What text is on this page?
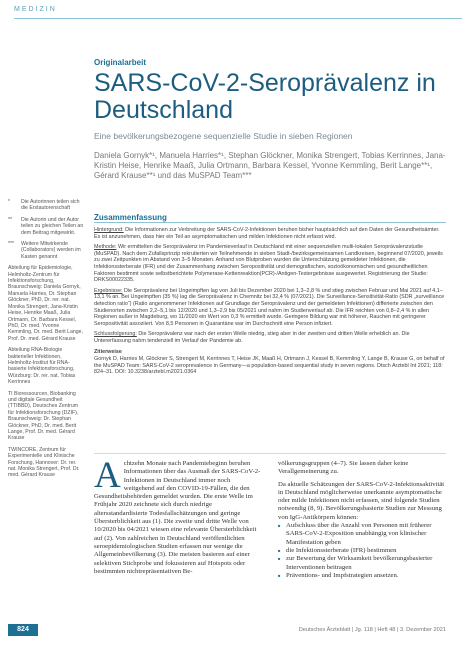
MEDIZIN
Originalarbeit
SARS-CoV-2-Seroprävalenz in Deutschland
Eine bevölkerungsbezogene sequenzielle Studie in sieben Regionen
Daniela Gornyk*¹, Manuela Harries*¹, Stephan Glöckner, Monika Strengert, Tobias Kerrinnes, Jana-Kristin Heise, Henrike Maaß, Julia Ortmann, Barbara Kessel, Yvonne Kemmling, Berit Lange**¹, Gérard Krause**¹ und das MuSPAD Team***
*	Die Autorinnen teilen sich die Erstautorenschaft
**	Die Autorin und der Autor teilen zu gleichen Teilen an dem Beitrag mitgewirkt.
***	Weitere Mitwirkende (Collaborators) werden im Kasten genannt
Abteilung für Epidemiologie, Helmholtz-Zentrum für Infektionsforschung, Braunschweig: Daniela Gornyk, Manuela Harries, Dr. Stephan Glöckner, PhD, Dr. rer. nat. Monika Strengert, Jana-Kristin Heise, Henrike Maaß, Julia Ortmann, Dr. Barbara Kessel, PhD, Dr. med. Yvonne Kemmling, Dr. med. Berit Lange, Prof. Dr. med. Gérard Krause
Abteilung RNA-Biologie bakterieller Infektionen, Helmholtz-Institut für RNA-basierte Infektionsforschung, Würzburg: Dr. rer. nat. Tobias Kerrinnes
TI Bioressourcen, Biobanking und digitale Gesundheit (TTIBBD), Deutsches Zentrum für Infektionsforschung (DZIF), Braunschweig: Dr. Stephan Glöckner, PhD, Dr. med. Berit Lange, Prof. Dr. med. Gérard Krause
TWINCORE, Zentrum für Experimentelle und Klinische Forschung, Hannover: Dr. rer. nat. Monika Strengert, Prof. Dr. med. Gérard Krause
Zusammenfassung

Hintergrund: Die Informationen zur Verbreitung der SARS-CoV-2-Infektionen beruhen bisher hauptsächlich auf den Daten der Gesundheitsämter. Es ist anzunehmen, dass hier ein Teil an asymptomatischen und milden Infektionen nicht erfasst wird.

Methode: Wir ermittelten die Seroprävalenz im Pandemieverlauf in Deutschland mit einer sequenziellen multi-lokalen Seroprävalenzstudie (MuSPAD). Nach dem Zufallsprinzip rekrutierten wir Teilnehmende in sieben Stadt-/bezirksgemeinsamen Landkreisen, beginnend 07/2020, jeweils zu zwei Zeitpunkten im Abstand von 3–5 Monaten. Anhand von Blutproben wurden die Unterschätzung gemeldeter Infektionen, die Infektionssterberate (IFR) und der Zusammenhang zwischen Seropositivität und demografischen, sozioökonomischen und gesundheitlichen Faktoren bestimmt sowie selbstberichtete Polymerase-Kettenreaktion(PCR)-/Antigen-Testergebnisse ausgewertet. Registrierung der Studie: DRKS00022335.

Ergebnisse: Die Seroprävalenz bei Ungeimpften lag von Juli bis Dezember 2020 bei 1,3–2,8 % und stieg zwischen Februar und Mai 2021 auf 4,1–13,1 % an. Bei Ungeimpften (35 %) lag die Seroprävalenz in Chemnitz bei 32,4 % (07/2021). Die Surveillance-Sensitivität-Ratio (SDR „surveillance detection ratio“) (Ratio angenommener Infektionen auf Grundlage der Seroprävalenz und der gemeldeten Infektionen) differierte zwischen den Studienorten zwischen 2,2–5,1 bis 12/2020 und 1,3–2,9 bis 05/2021 und nahm im Studienverlauf ab. Die IFR reichten von 0,8–2,4 % in allen Regionen außer in Magdeburg, wo 11/2020 ein Wert von 0,3 % ermittelt wurde. Geringere Bildung war mit höherer, Rauchen mit geringerer Seropositivität assoziiert. Von 8,5 Personen in Quarantäne war im Durchschnitt eine Person infiziert.

Schlussfolgerung: Die Seroprävalenz war nach der ersten Welle niedrig, stieg aber in der zweiten und dritten Welle erheblich an. Die Untererfassung nahm tendenziell im Verlauf der Pandemie ab.

Zitierweise

Gornyk D, Harries M, Glöckner S, Strengert M, Kerrinnes T, Heise JK, Maaß H, Ortmann J, Kessel B, Kemmling Y, Lange B, Krause G, on behalf of the MuSPAD Team: SARS-CoV-2 seroprevalence in Germany—a population-based sequential study in seven regions. Dtsch Arztebl Int 2021; 118: 824–31. DOI: 10.3238/arztebl.m2021.0364

Achtzehn Monate nach Pandemiebeginn beruhen Informationen über das Ausmaß der SARS-CoV-2-Infektionen in Deutschland immer noch weitgehend auf den COVID-19-Fällen, die den Gesundheitsbehörden gemeldet wurden. Die erste Welle im Frühjahr 2020 zeichnete sich durch niedrige altersstandardisierte Todesfallschätzungen und geringe Übersterblichkeit aus (1). Die zweite und dritte Welle von 10/2020 bis 04/2021 wiesen eine relevante Übersterblichkeit auf (2). Von zahlreichen in Deutschland veröffentlichten seroepidemiologischen Studien erfassen nur wenige die Allgemeinbevölkerung (3). Die meisten basieren auf einer selektiven Stichprobe und fokussieren auf Hotspots oder bestimmten nichtrepräsentativen Be-
völkerungsgruppen (4–7). Sie lassen daher keine Verallgemeinerung zu.
Da aktuelle Schätzungen der SARS-CoV-2-Infektionsaktivität in Deutschland möglicherweise unerkannte asymptomatische oder milde Infektionen nicht erfassen, sind folgende Studien notwendig (8, 9). Bevölkerungsbasierte Studien zur Messung von IgG-Antikörpern können:
■ Aufschluss über die Anzahl von Personen mit früherer SARS-CoV-2-Exposition unabhängig von klinischer Manifestation geben
■ die Infektionssterberate (IFR) bestimmen
■ zur Bewertung der Wirksamkeit bevölkerungsbasierter Interventionen beitragen
■ Präventions- und Impfstrategien ansetzen.
824	Deutsches Ärzteblatt | Jg. 118 | Heft 48 | 3. Dezember 2021
